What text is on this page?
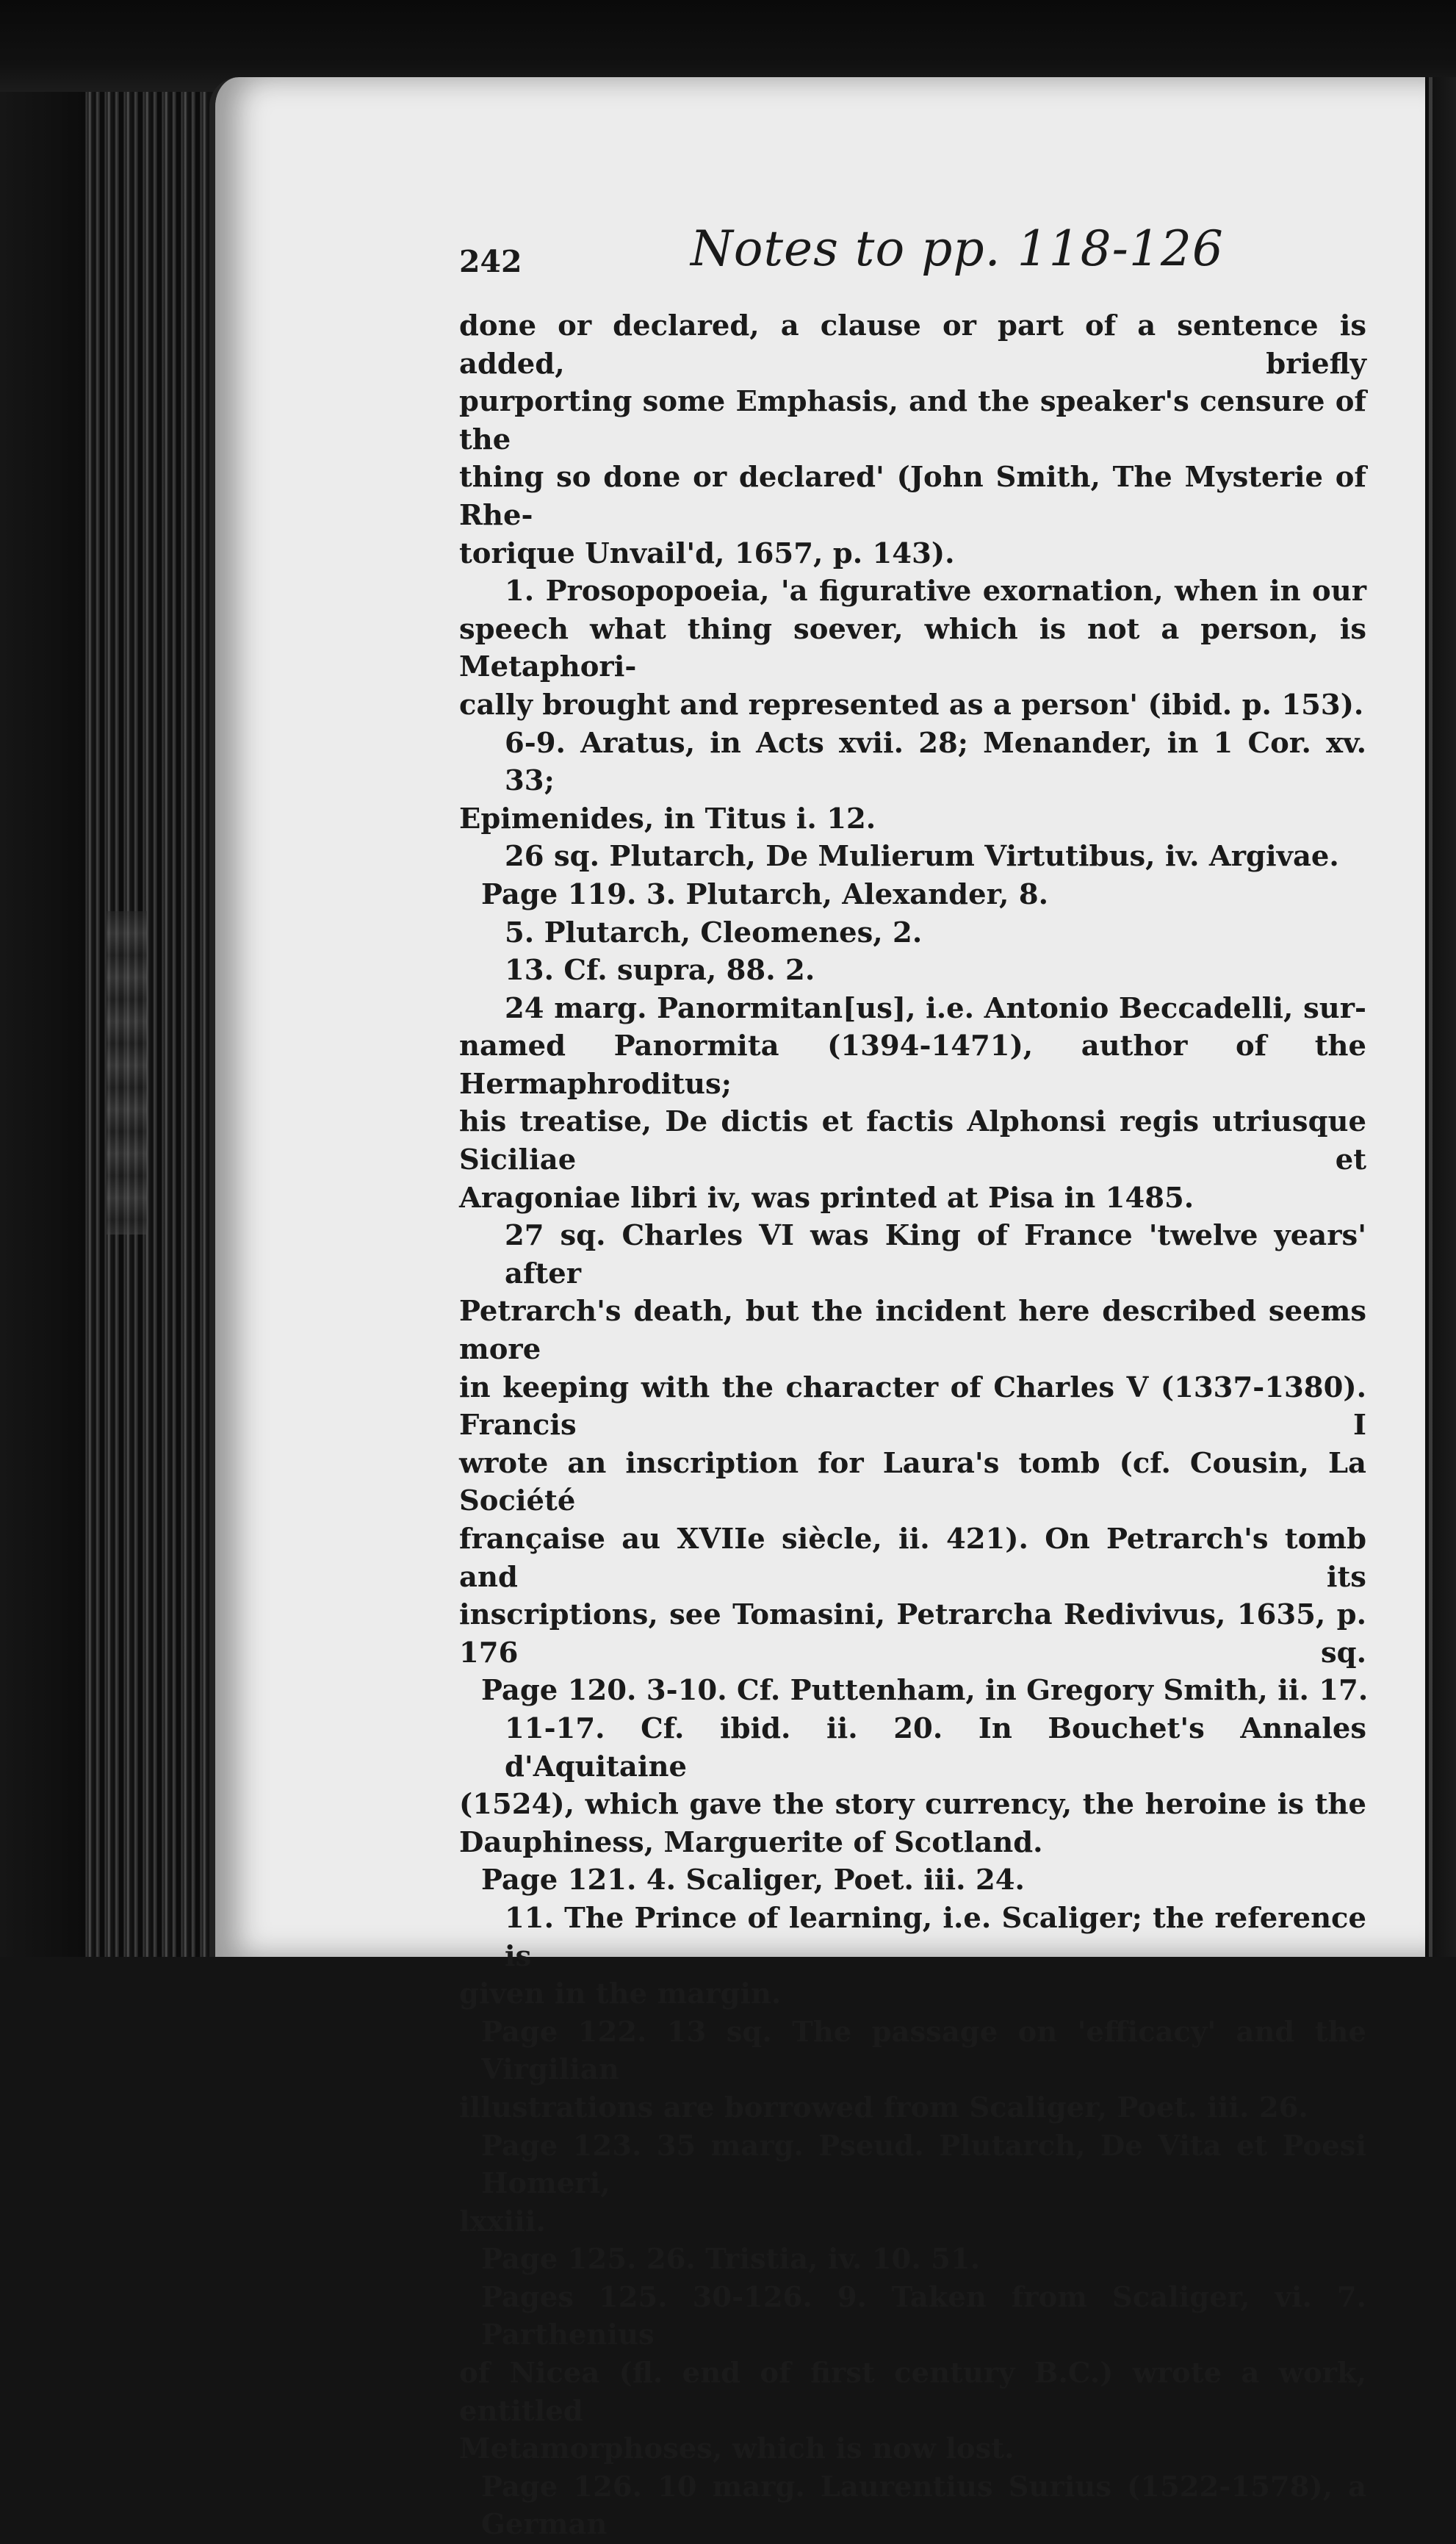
242	Notes to pp. 118-126
done or declared, a clause or part of a sentence is added, briefly
purporting some Emphasis, and the speaker's censure of the
thing so done or declared' (John Smith, The Mysterie of Rhe-
torique Unvail'd, 1657, p. 143).
1. Prosopopoeia, 'a figurative exornation, when in our
speech what thing soever, which is not a person, is Metaphori-
cally brought and represented as a person' (ibid. p. 153).
6-9. Aratus, in Acts xvii. 28; Menander, in 1 Cor. xv. 33;
Epimenides, in Titus i. 12.
26 sq. Plutarch, De Mulierum Virtutibus, iv. Argivae.
Page 119. 3. Plutarch, Alexander, 8.
5. Plutarch, Cleomenes, 2.
13. Cf. supra, 88. 2.
24 marg. Panormitan[us], i.e. Antonio Beccadelli, sur-
named Panormita (1394-1471), author of the Hermaphroditus;
his treatise, De dictis et factis Alphonsi regis utriusque Siciliae et
Aragoniae libri iv, was printed at Pisa in 1485.
27 sq. Charles VI was King of France 'twelve years' after
Petrarch's death, but the incident here described seems more
in keeping with the character of Charles V (1337-1380). Francis I
wrote an inscription for Laura's tomb (cf. Cousin, La Société
française au XVIIe siècle, ii. 421). On Petrarch's tomb and its
inscriptions, see Tomasini, Petrarcha Redivivus, 1635, p. 176 sq.
Page 120. 3-10. Cf. Puttenham, in Gregory Smith, ii. 17.
11-17. Cf. ibid. ii. 20. In Bouchet's Annales d'Aquitaine
(1524), which gave the story currency, the heroine is the
Dauphiness, Marguerite of Scotland.
Page 121. 4. Scaliger, Poet. iii. 24.
11. The Prince of learning, i.e. Scaliger; the reference is
given in the margin.
Page 122. 13 sq. The passage on 'efficacy' and the Virgilian
illustrations are borrowed from Scaliger, Poet. iii. 26.
Page 123. 35 marg. Pseud. Plutarch, De Vita et Poesi Homeri,
lxxiii.
Page 125. 26. Tristia, iv. 10. 51.
Pages 125. 30-126. 9. Taken from Scaliger, vi. 7. Parthenius
of Nicea (fl. end of first century B.C.) wrote a work, entitled
Metamorphoses, which is now lost.
Page 126. 10 marg. Laurentius Surius (1522-1578), a German
